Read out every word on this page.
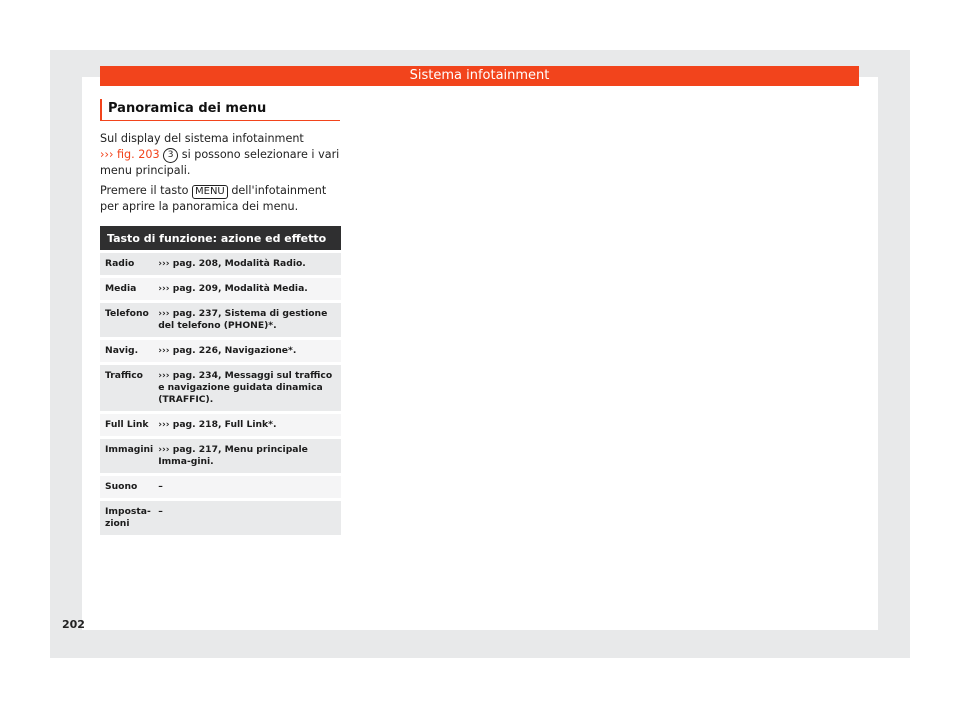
Sistema infotainment
Panoramica dei menu
Sul display del sistema infotainment
››› fig. 203 3 si possono selezionare i vari menu principali.
Premere il tasto MENU dell'infotainment per aprire la panoramica dei menu.
Tasto di funzione: azione ed effetto	
Radio	››› pag. 208, Modalità Radio.
Media	››› pag. 209, Modalità Media.
Telefono	››› pag. 237, Sistema di gestione del telefono (PHONE)*.
Navig.	››› pag. 226, Navigazione*.
Traffico	››› pag. 234, Messaggi sul traffico e navigazione guidata dinamica (TRAFFIC).
Full Link	››› pag. 218, Full Link*.
Immagini	››› pag. 217, Menu principale Imma-gini.
Suono	–
Imposta-zioni	–
202
